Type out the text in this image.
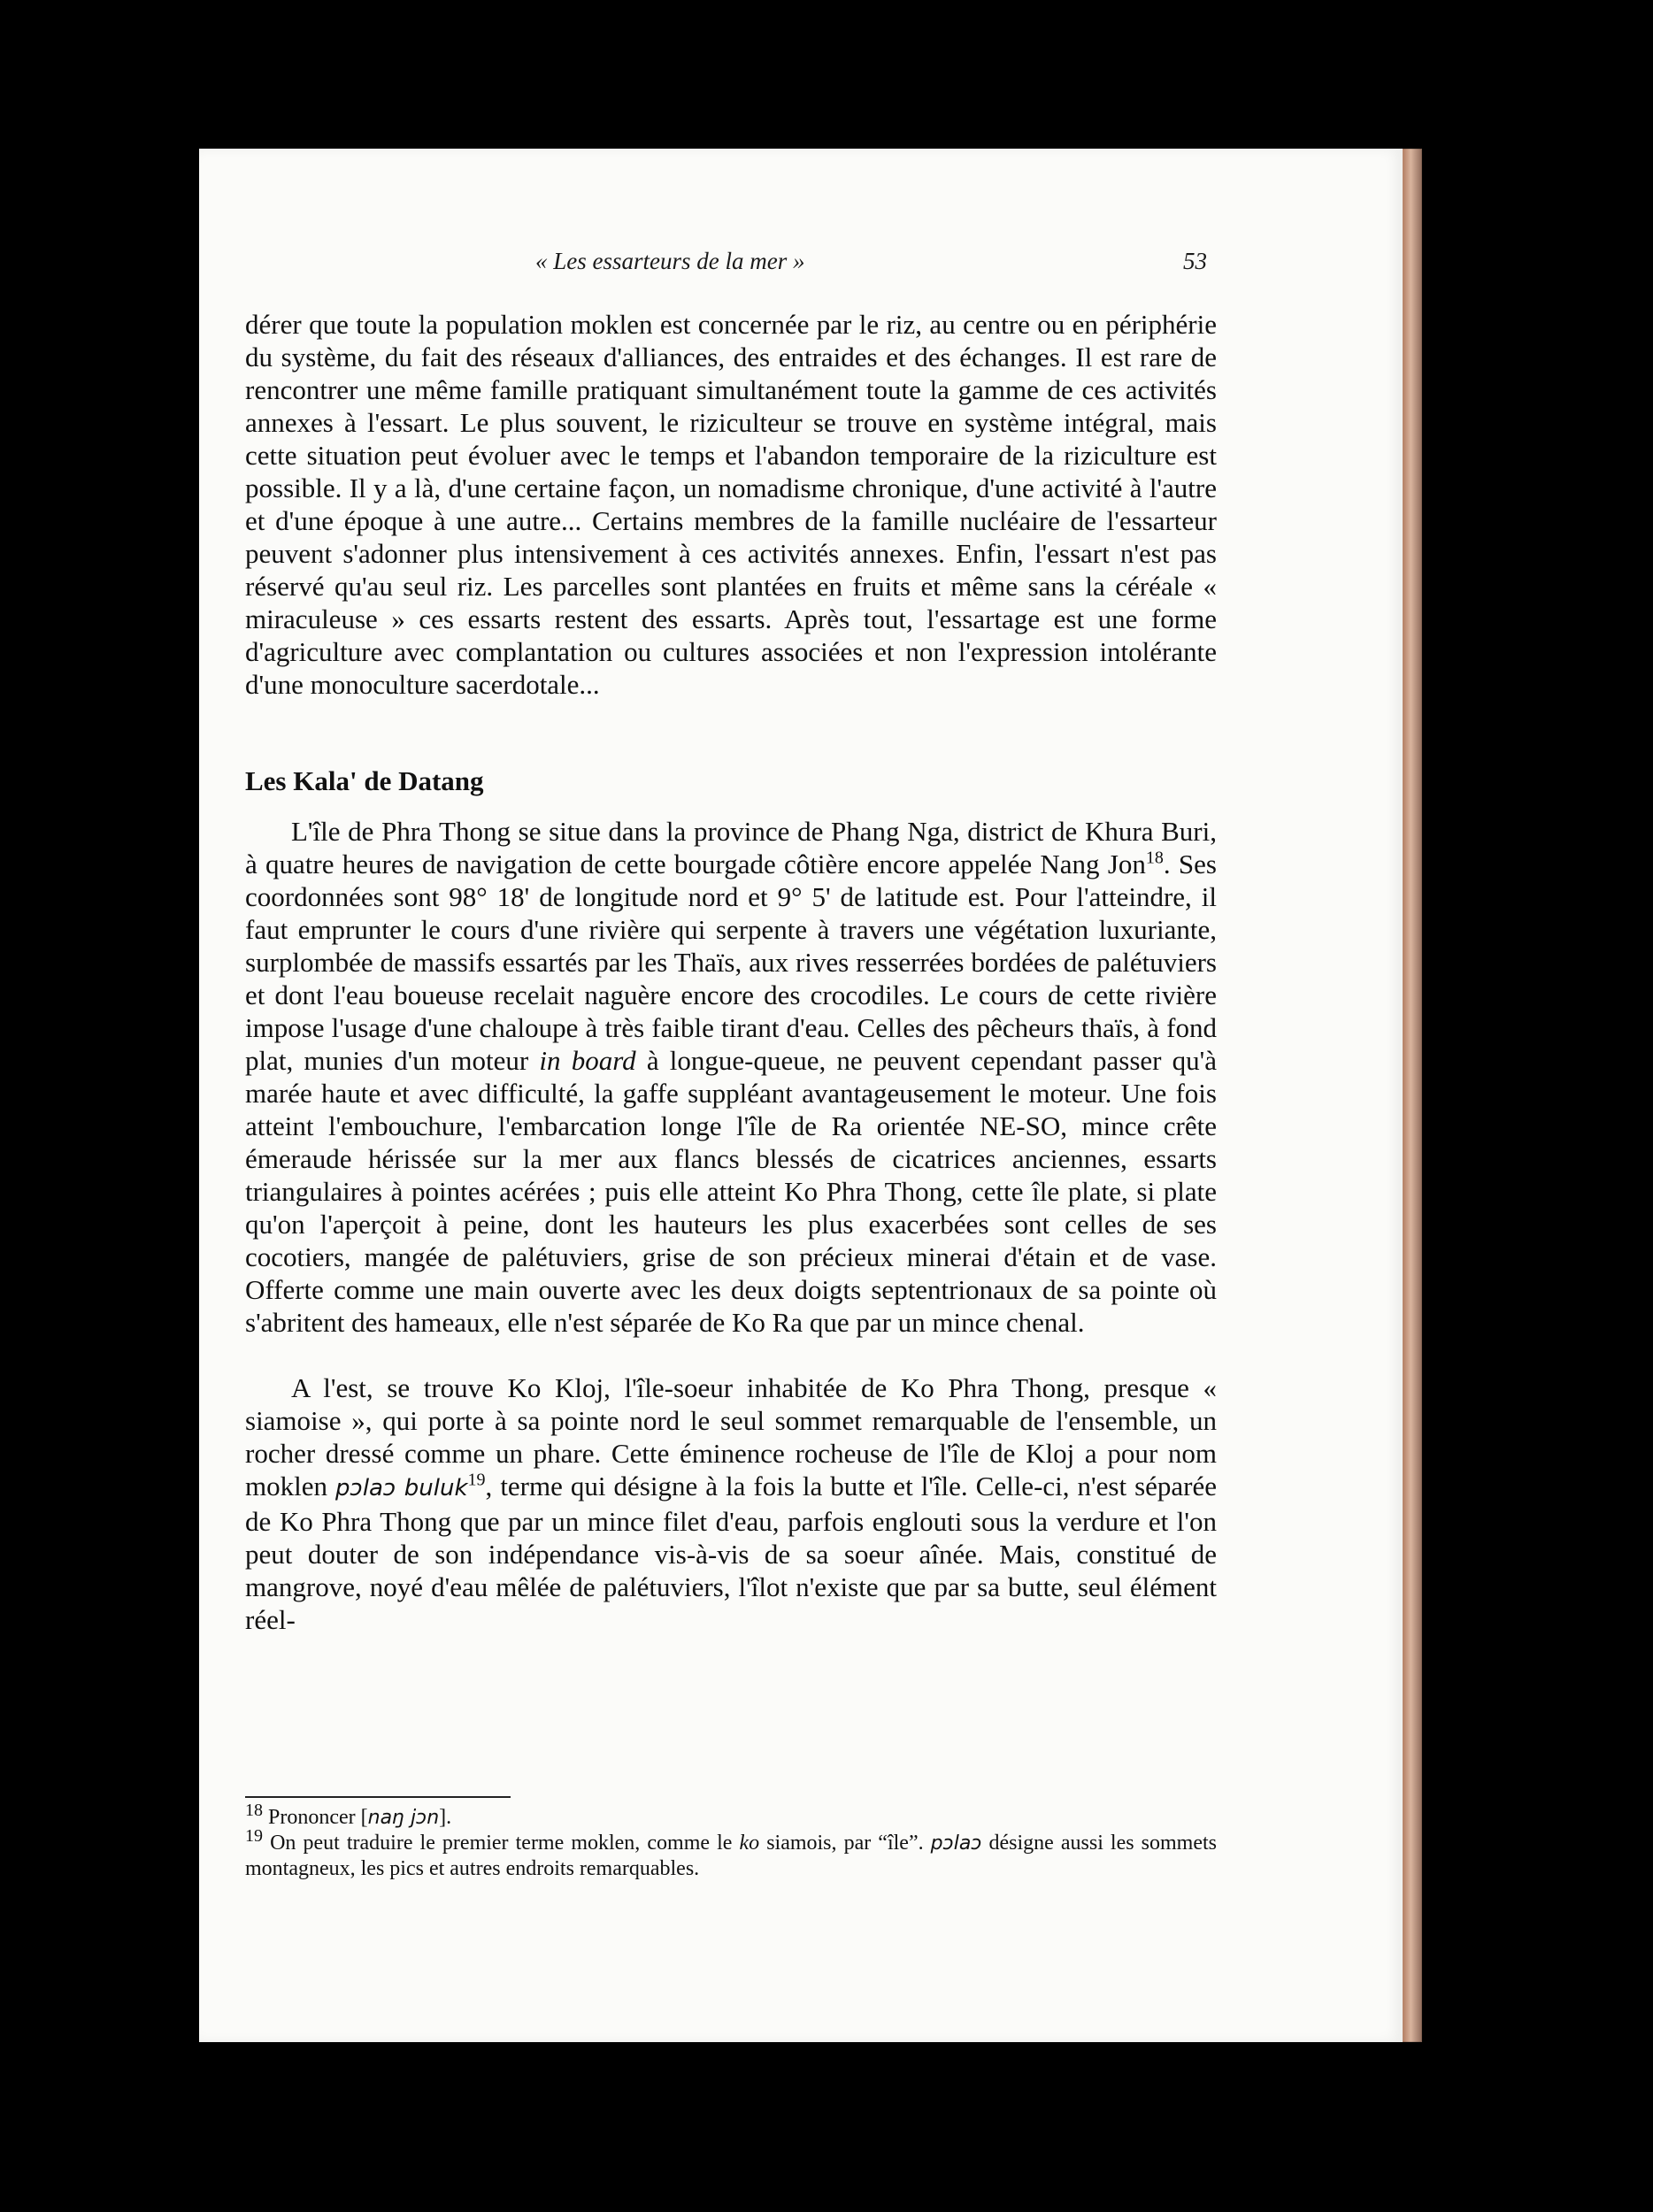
« Les essarteurs de la mer »	53

dérer que toute la population moklen est concernée par le riz, au centre ou en périphérie du système, du fait des réseaux d'alliances, des entraides et des échanges. Il est rare de rencontrer une même famille pratiquant simultanément toute la gamme de ces activités annexes à l'essart. Le plus souvent, le riziculteur se trouve en système intégral, mais cette situation peut évoluer avec le temps et l'abandon temporaire de la riziculture est possible. Il y a là, d'une certaine façon, un nomadisme chronique, d'une activité à l'autre et d'une époque à une autre... Certains membres de la famille nucléaire de l'essarteur peuvent s'adonner plus intensivement à ces activités annexes. Enfin, l'essart n'est pas réservé qu'au seul riz. Les parcelles sont plantées en fruits et même sans la céréale « miraculeuse » ces essarts restent des essarts. Après tout, l'essartage est une forme d'agriculture avec complantation ou cultures associées et non l'expression intolérante d'une monoculture sacerdotale...

Les Kala' de Datang

L'île de Phra Thong se situe dans la province de Phang Nga, district de Khura Buri, à quatre heures de navigation de cette bourgade côtière encore appelée Nang Jon$^{18}$. Ses coordonnées sont 98° 18' de longitude nord et 9° 5' de latitude est. Pour l'atteindre, il faut emprunter le cours d'une rivière qui serpente à travers une végétation luxuriante, surplombée de massifs essartés par les Thaïs, aux rives resserrées bordées de palétuviers et dont l'eau boueuse recelait naguère encore des crocodiles. Le cours de cette rivière impose l'usage d'une chaloupe à très faible tirant d'eau. Celles des pêcheurs thaïs, à fond plat, munies d'un moteur in board à longue-queue, ne peuvent cependant passer qu'à marée haute et avec difficulté, la gaffe suppléant avantageusement le moteur. Une fois atteint l'embouchure, l'embarcation longe l'île de Ra orientée NE-SO, mince crête émeraude hérissée sur la mer aux flancs blessés de cicatrices anciennes, essarts triangulaires à pointes acérées ; puis elle atteint Ko Phra Thong, cette île plate, si plate qu'on l'aperçoit à peine, dont les hauteurs les plus exacerbées sont celles de ses cocotiers, mangée de palétuviers, grise de son précieux minerai d'étain et de vase. Offerte comme une main ouverte avec les deux doigts septentrionaux de sa pointe où s'abritent des hameaux, elle n'est séparée de Ko Ra que par un mince chenal.

A l'est, se trouve Ko Kloj, l'île-soeur inhabitée de Ko Phra Thong, presque « siamoise », qui porte à sa pointe nord le seul sommet remarquable de l'ensemble, un rocher dressé comme un phare. Cette éminence rocheuse de l'île de Kloj a pour nom moklen pɔlaɔ buluk$^{19}$, terme qui désigne à la fois la butte et l'île. Celle-ci, n'est séparée de Ko Phra Thong que par un mince filet d'eau, parfois englouti sous la verdure et l'on peut douter de son indépendance vis-à-vis de sa soeur aînée. Mais, constitué de mangrove, noyé d'eau mêlée de palétuviers, l'îlot n'existe que par sa butte, seul élément réel-

$^{18}$ Prononcer [naŋ jɔn].

$^{19}$ On peut traduire le premier terme moklen, comme le ko siamois, par “île”. pɔlaɔ désigne aussi les sommets montagneux, les pics et autres endroits remarquables.
